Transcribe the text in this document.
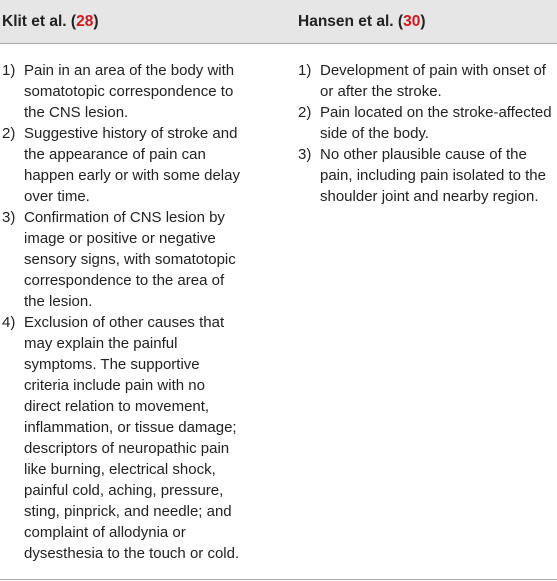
Klit et al. (28)	Hansen et al. (30)
1) Pain in an area of the body with
somatotopic correspondence to
the CNS lesion.
2) Suggestive history of stroke and
the appearance of pain can
happen early or with some delay
over time.
3) Confirmation of CNS lesion by
image or positive or negative
sensory signs, with somatotopic
correspondence to the area of
the lesion.
4) Exclusion of other causes that
may explain the painful
symptoms. The supportive
criteria include pain with no
direct relation to movement,
inflammation, or tissue damage;
descriptors of neuropathic pain
like burning, electrical shock,
painful cold, aching, pressure,
sting, pinprick, and needle; and
complaint of allodynia or
dysesthesia to the touch or cold.
1) Development of pain with onset of
or after the stroke.
2) Pain located on the stroke-affected
side of the body.
3) No other plausible cause of the
pain, including pain isolated to the
shoulder joint and nearby region.
